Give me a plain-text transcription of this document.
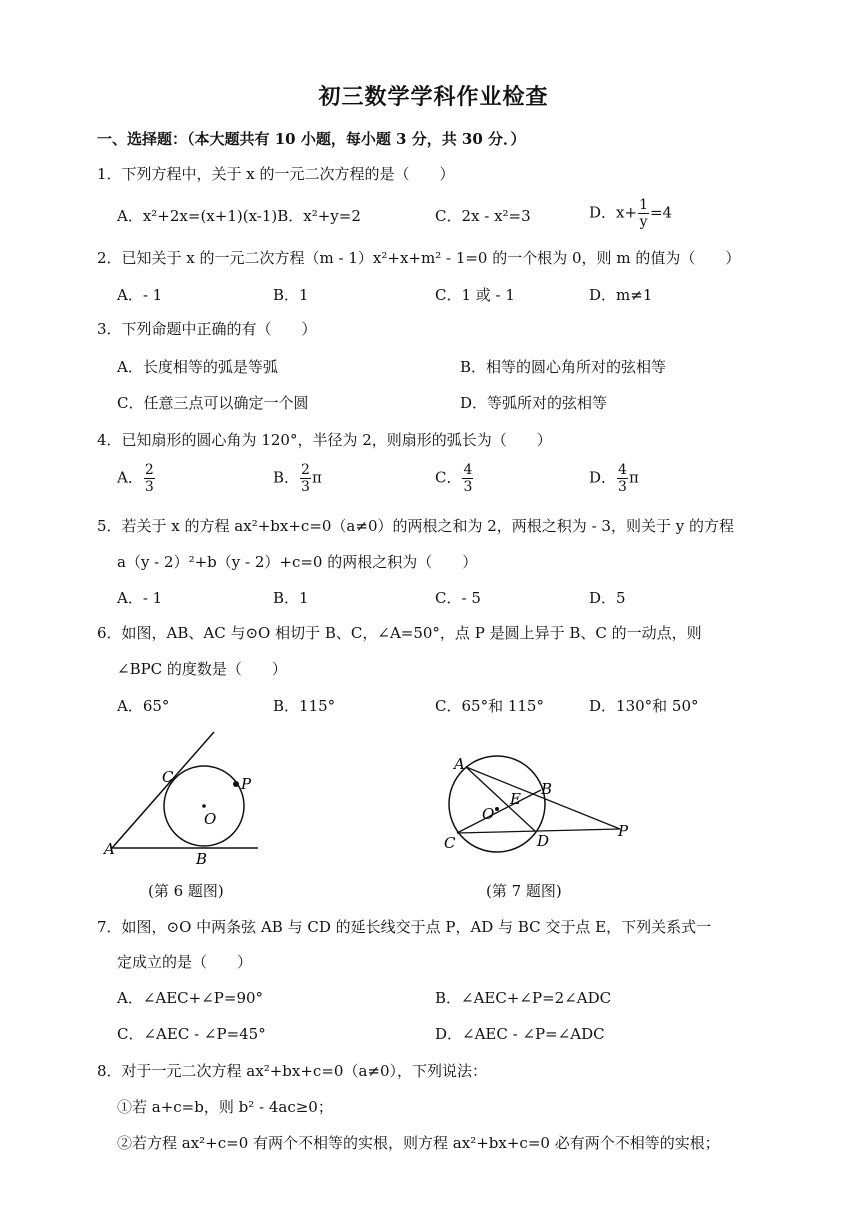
初三数学学科作业检查
一、选择题：（本大题共有 10 小题，每小题 3 分，共 30 分．）
1．下列方程中，关于 x 的一元二次方程的是（　　）
A．x²+2x=(x+1)(x-1)B．x²+y=2	C．2x - x²=3	D．$x+ \frac{1}{y} =4$
2．已知关于 x 的一元二次方程（m - 1）x²+x+m² - 1=0 的一个根为 0，则 m 的值为（　　）
A．- 1	B．1	C．1 或 - 1	D．m≠1
3．下列命题中正确的有（　　）
A．长度相等的弧是等弧	B．相等的圆心角所对的弦相等
C．任意三点可以确定一个圆	D．等弧所对的弦相等
4．已知扇形的圆心角为 120°，半径为 2，则扇形的弧长为（　　）
A． $\frac{2}{3}$	B． $\frac{2}{3}$ π	C． $\frac{4}{3}$	D． $\frac{4}{3}$ π
5．若关于 x 的方程 ax²+bx+c=0（a≠0）的两根之和为 2，两根之积为 - 3，则关于 y 的方程
a（y - 2）²+b（y - 2）+c=0 的两根之积为（　　）
A．- 1	B．1	C．- 5	D．5
6．如图，AB、AC 与⊙O 相切于 B、C，∠A=50°，点 P 是圆上异于 B、C 的一动点，则
∠BPC 的度数是（　　）
A．65°	B．115°	C．65°和 115°	D．130°和 50°
A
B
C
O
P
(第 6 题图)
A
B
C	D
E
O
P
(第 7 题图)
7．如图，⊙O 中两条弦 AB 与 CD 的延长线交于点 P，AD 与 BC 交于点 E，下列关系式一
定成立的是（　　）
A．∠AEC+∠P=90°	B．∠AEC+∠P=2∠ADC
C．∠AEC - ∠P=45°	D．∠AEC - ∠P=∠ADC
8．对于一元二次方程 ax²+bx+c=0（a≠0），下列说法：
①若 a+c=b，则 b² - 4ac≥0；
②若方程 ax²+c=0 有两个不相等的实根，则方程 ax²+bx+c=0 必有两个不相等的实根；
